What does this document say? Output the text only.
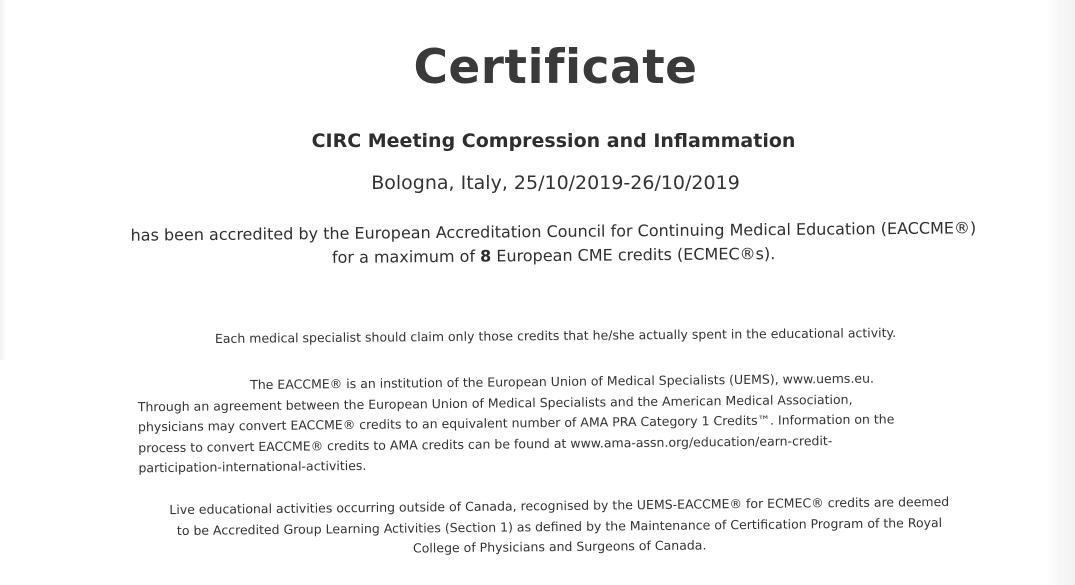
Certificate

CIRC Meeting Compression and Inflammation

Bologna, Italy, 25/10/2019-26/10/2019

has been accredited by the European Accreditation Council for Continuing Medical Education (EACCME®)
for a maximum of 8 European CME credits (ECMEC®s).

Each medical specialist should claim only those credits that he/she actually spent in the educational activity.

The EACCME® is an institution of the European Union of Medical Specialists (UEMS), www.uems.eu.
Through an agreement between the European Union of Medical Specialists and the American Medical Association,
physicians may convert EACCME® credits to an equivalent number of AMA PRA Category 1 Credits™. Information on the
process to convert EACCME® credits to AMA credits can be found at www.ama-assn.org/education/earn-credit-
participation-international-activities.
Live educational activities occurring outside of Canada, recognised by the UEMS-EACCME® for ECMEC® credits are deemed
to be Accredited Group Learning Activities (Section 1) as defined by the Maintenance of Certification Program of the Royal
College of Physicians and Surgeons of Canada.
